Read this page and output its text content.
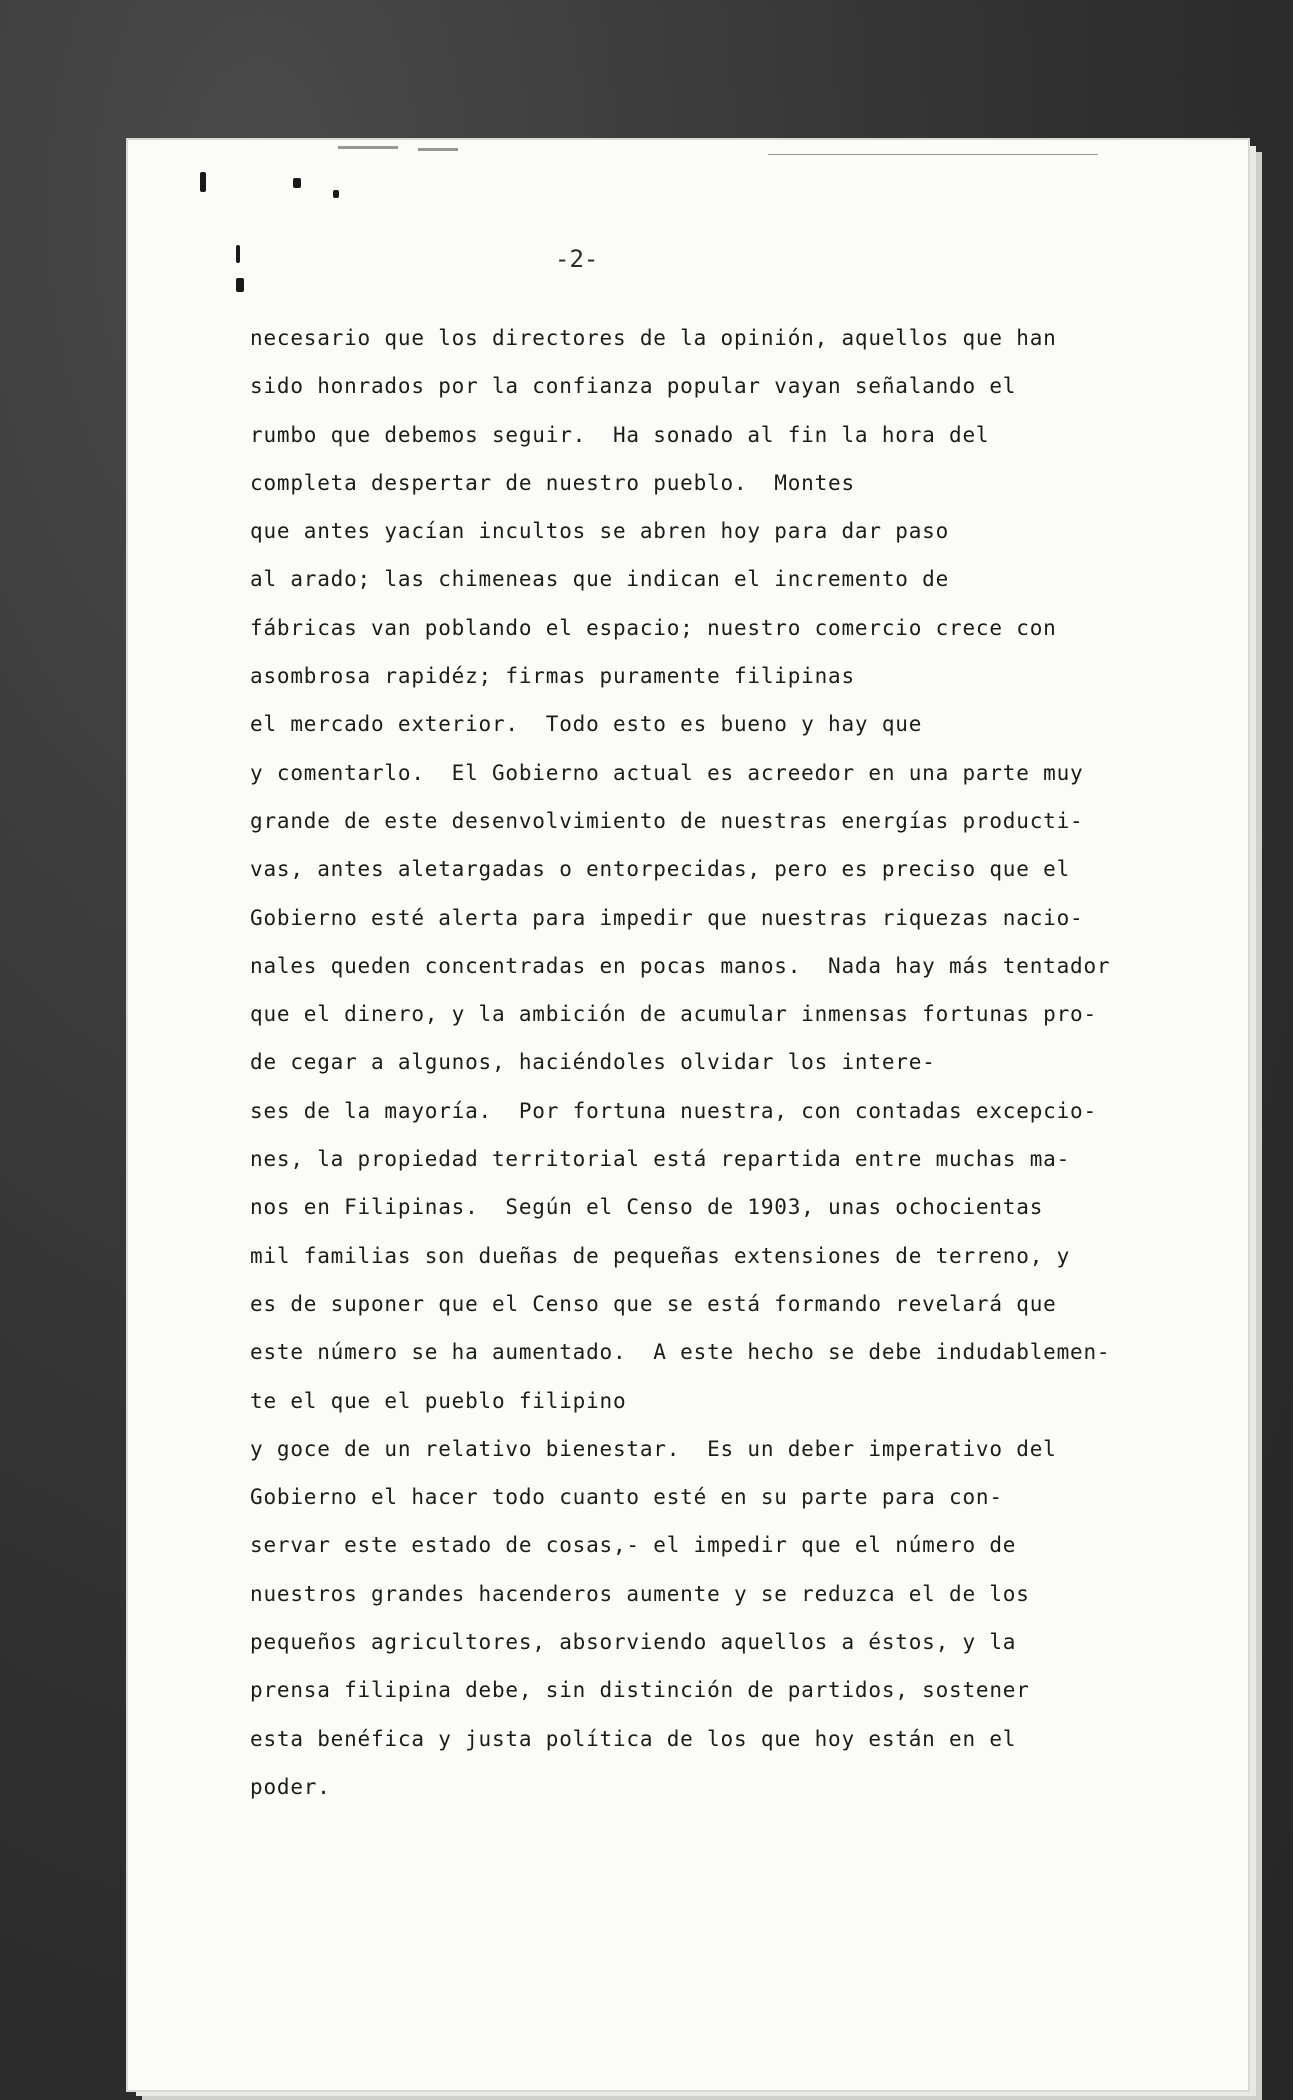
-2-
necesario que los directores de la opinión, aquellos que han
sido honrados por la confianza popular vayan señalando el
rumbo que debemos seguir.  Ha sonado al fin la hora del
completa despertar de nuestro pueblo.  Montes
que antes yacían incultos se abren hoy para dar paso
al arado; las chimeneas que indican el incremento de
fábricas van poblando el espacio; nuestro comercio crece con
asombrosa rapidéz; firmas puramente filipinas
el mercado exterior.  Todo esto es bueno y hay que
y comentarlo.  El Gobierno actual es acreedor en una parte muy
grande de este desenvolvimiento de nuestras energías producti-
vas, antes aletargadas o entorpecidas, pero es preciso que el
Gobierno esté alerta para impedir que nuestras riquezas nacio-
nales queden concentradas en pocas manos.  Nada hay más tentador
que el dinero, y la ambición de acumular inmensas fortunas pro-
de cegar a algunos, haciéndoles olvidar los intere-
ses de la mayoría.  Por fortuna nuestra, con contadas excepcio-
nes, la propiedad territorial está repartida entre muchas ma-
nos en Filipinas.  Según el Censo de 1903, unas ochocientas
mil familias son dueñas de pequeñas extensiones de terreno, y
es de suponer que el Censo que se está formando revelará que
este número se ha aumentado.  A este hecho se debe indudablemen-
te el que el pueblo filipino
y goce de un relativo bienestar.  Es un deber imperativo del
Gobierno el hacer todo cuanto esté en su parte para con-
servar este estado de cosas,- el impedir que el número de
nuestros grandes hacenderos aumente y se reduzca el de los
pequeños agricultores, absorviendo aquellos a éstos, y la
prensa filipina debe, sin distinción de partidos, sostener
esta benéfica y justa política de los que hoy están en el
poder.
